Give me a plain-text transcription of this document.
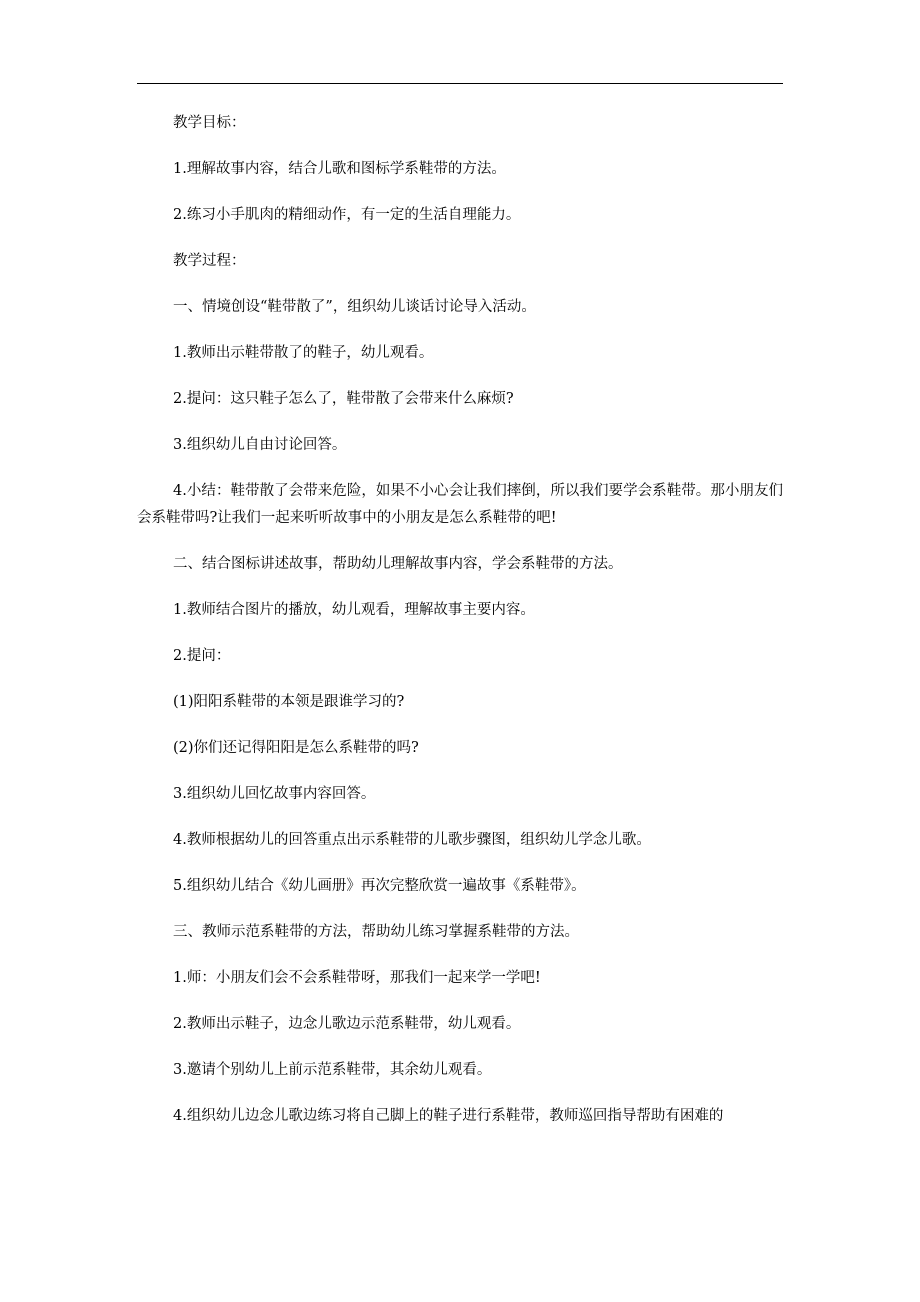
教学目标：

1.理解故事内容，结合儿歌和图标学系鞋带的方法。

2.练习小手肌肉的精细动作，有一定的生活自理能力。

教学过程：

一、情境创设“鞋带散了”，组织幼儿谈话讨论导入活动。

1.教师出示鞋带散了的鞋子，幼儿观看。

2.提问：这只鞋子怎么了，鞋带散了会带来什么麻烦?

3.组织幼儿自由讨论回答。

4.小结：鞋带散了会带来危险，如果不小心会让我们摔倒，所以我们要学会系鞋带。那小朋友们会系鞋带吗?让我们一起来听听故事中的小朋友是怎么系鞋带的吧!

二、结合图标讲述故事，帮助幼儿理解故事内容，学会系鞋带的方法。

1.教师结合图片的播放，幼儿观看，理解故事主要内容。

2.提问：

(1)阳阳系鞋带的本领是跟谁学习的?

(2)你们还记得阳阳是怎么系鞋带的吗?

3.组织幼儿回忆故事内容回答。

4.教师根据幼儿的回答重点出示系鞋带的儿歌步骤图，组织幼儿学念儿歌。

5.组织幼儿结合《幼儿画册》再次完整欣赏一遍故事《系鞋带》。

三、教师示范系鞋带的方法，帮助幼儿练习掌握系鞋带的方法。

1.师：小朋友们会不会系鞋带呀，那我们一起来学一学吧!

2.教师出示鞋子，边念儿歌边示范系鞋带，幼儿观看。

3.邀请个别幼儿上前示范系鞋带，其余幼儿观看。

4.组织幼儿边念儿歌边练习将自己脚上的鞋子进行系鞋带，教师巡回指导帮助有困难的
